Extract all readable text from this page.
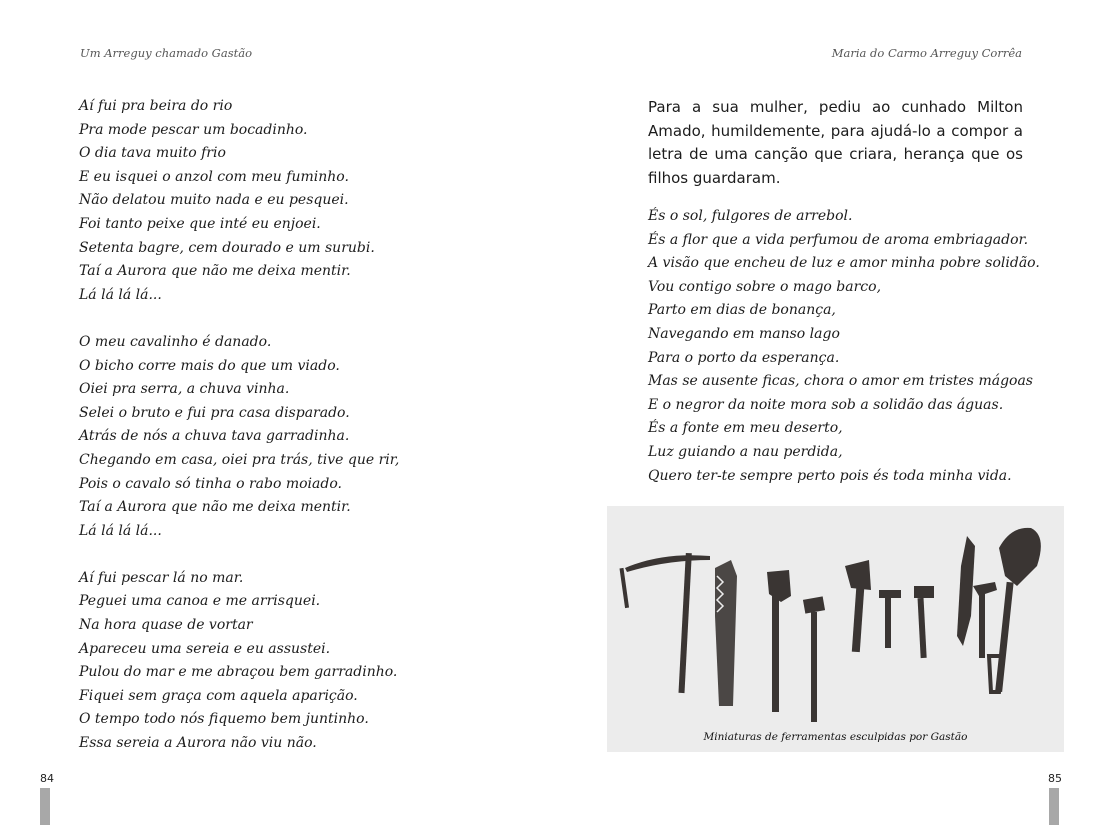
Um Arreguy chamado Gastão	Maria do Carmo Arreguy Corrêa
Aí fui pra beira do rio
Pra mode pescar um bocadinho.
O dia tava muito frio
E eu isquei o anzol com meu fuminho.
Não delatou muito nada e eu pesquei.
Foi tanto peixe que inté eu enjoei.
Setenta bagre, cem dourado e um surubi.
Taí a Aurora que não me deixa mentir.
Lá lá lá lá...
O meu cavalinho é danado.
O bicho corre mais do que um viado.
Oiei pra serra, a chuva vinha.
Selei o bruto e fui pra casa disparado.
Atrás de nós a chuva tava garradinha.
Chegando em casa, oiei pra trás, tive que rir,
Pois o cavalo só tinha o rabo moiado.
Taí a Aurora que não me deixa mentir.
Lá lá lá lá...
Aí fui pescar lá no mar.
Peguei uma canoa e me arrisquei.
Na hora quase de vortar
Apareceu uma sereia e eu assustei.
Pulou do mar e me abraçou bem garradinho.
Fiquei sem graça com aquela aparição.
O tempo todo nós fiquemo bem juntinho.
Essa sereia a Aurora não viu não.
Para a sua mulher, pediu ao cunhado Milton Amado, humildemente, para ajudá-lo a compor a letra de uma canção que criara, herança que os filhos guardaram.
És o sol, fulgores de arrebol.
És a flor que a vida perfumou de aroma embriagador.
A visão que encheu de luz e amor minha pobre solidão.
Vou contigo sobre o mago barco,
Parto em dias de bonança,
Navegando em manso lago
Para o porto da esperança.
Mas se ausente ficas, chora o amor em tristes mágoas
E o negror da noite mora sob a solidão das águas.
És a fonte em meu deserto,
Luz guiando a nau perdida,
Quero ter-te sempre perto pois és toda minha vida.
Miniaturas de ferramentas esculpidas por Gastão
84	85
